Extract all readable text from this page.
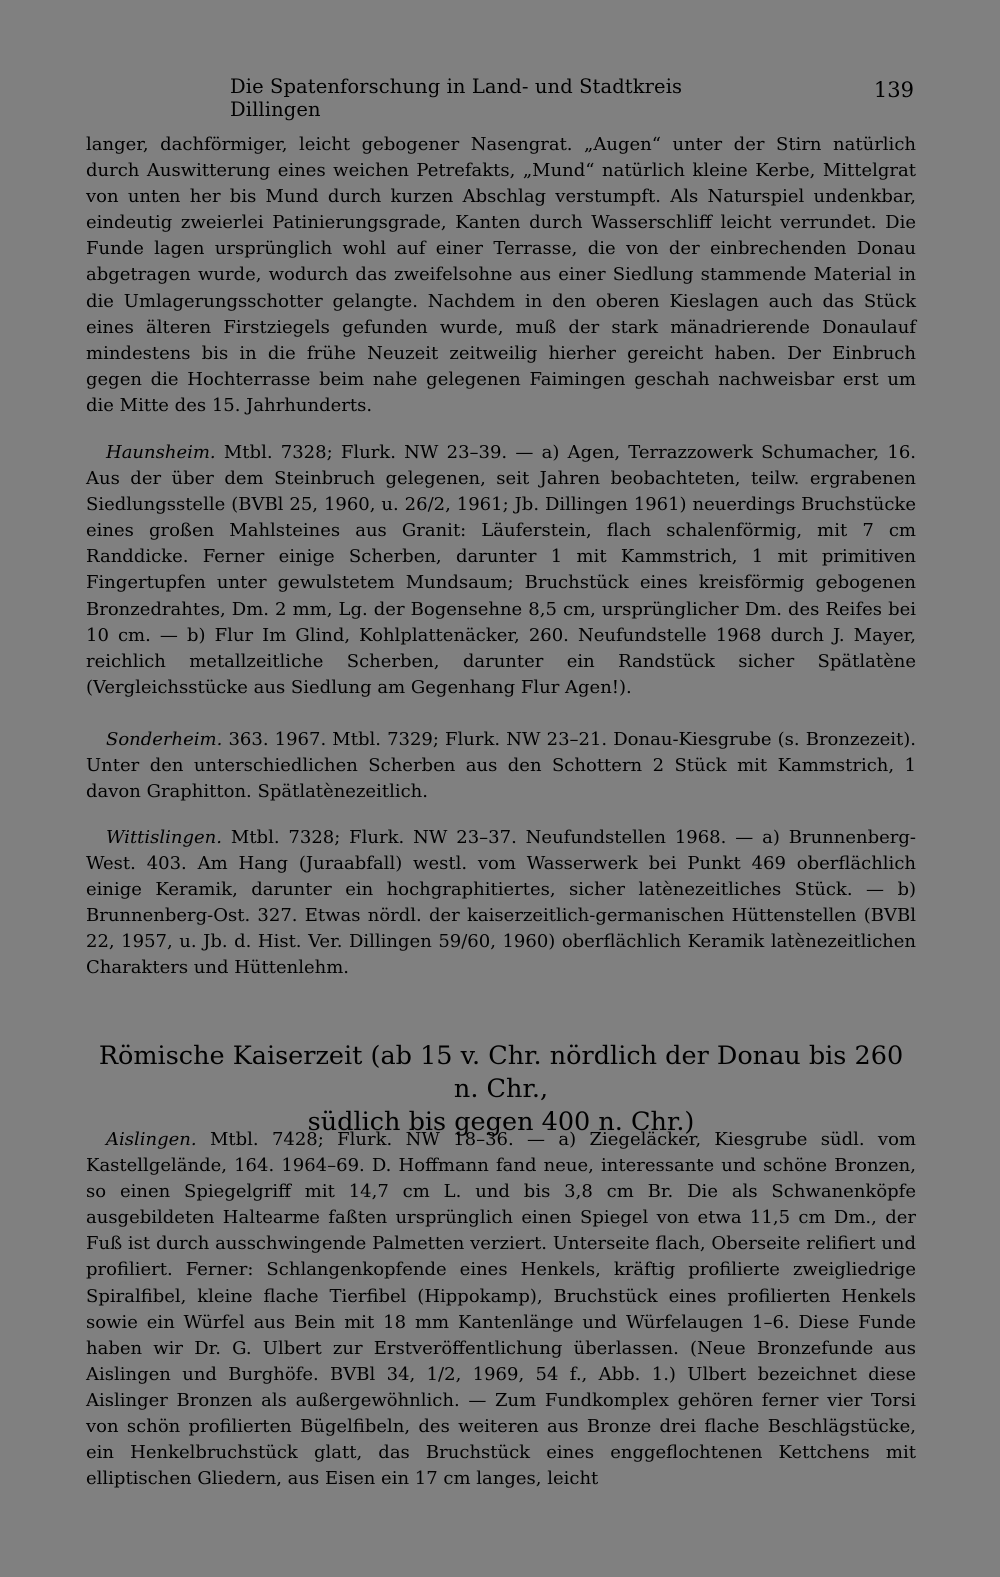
Die Spatenforschung in Land- und Stadtkreis Dillingen
139

langer, dachförmiger, leicht gebogener Nasengrat. „Augen“ unter der Stirn natürlich durch Auswitterung eines weichen Petrefakts, „Mund“ natürlich kleine Kerbe, Mittelgrat von unten her bis Mund durch kurzen Abschlag verstumpft. Als Naturspiel undenkbar, eindeutig zweierlei Patinierungsgrade, Kanten durch Wasserschliff leicht verrundet. Die Funde lagen ursprünglich wohl auf einer Terrasse, die von der einbrechenden Donau abgetragen wurde, wodurch das zweifelsohne aus einer Siedlung stammende Material in die Umlagerungsschotter gelangte. Nachdem in den oberen Kieslagen auch das Stück eines älteren Firstziegels gefunden wurde, muß der stark mänadrierende Donaulauf mindestens bis in die frühe Neuzeit zeitweilig hierher gereicht haben. Der Einbruch gegen die Hochterrasse beim nahe gelegenen Faimingen geschah nachweisbar erst um die Mitte des 15. Jahrhunderts.

Haunsheim. Mtbl. 7328; Flurk. NW 23–39. — a) Agen, Terrazzowerk Schumacher, 16. Aus der über dem Steinbruch gelegenen, seit Jahren beobachteten, teilw. ergrabenen Siedlungsstelle (BVBl 25, 1960, u. 26/2, 1961; Jb. Dillingen 1961) neuerdings Bruchstücke eines großen Mahlsteines aus Granit: Läuferstein, flach schalenförmig, mit 7 cm Randdicke. Ferner einige Scherben, darunter 1 mit Kammstrich, 1 mit primitiven Fingertupfen unter gewulstetem Mundsaum; Bruchstück eines kreisförmig gebogenen Bronzedrahtes, Dm. 2 mm, Lg. der Bogensehne 8,5 cm, ursprünglicher Dm. des Reifes bei 10 cm. — b) Flur Im Glind, Kohlplattenäcker, 260. Neufundstelle 1968 durch J. Mayer, reichlich metallzeitliche Scherben, darunter ein Randstück sicher Spätlatène (Vergleichsstücke aus Siedlung am Gegenhang Flur Agen!).

Sonderheim. 363. 1967. Mtbl. 7329; Flurk. NW 23–21. Donau-Kiesgrube (s. Bronzezeit). Unter den unterschiedlichen Scherben aus den Schottern 2 Stück mit Kammstrich, 1 davon Graphitton. Spätlatènezeitlich.

Wittislingen. Mtbl. 7328; Flurk. NW 23–37. Neufundstellen 1968. — a) Brunnenberg-West. 403. Am Hang (Juraabfall) westl. vom Wasserwerk bei Punkt 469 oberflächlich einige Keramik, darunter ein hochgraphitiertes, sicher latènezeitliches Stück. — b) Brunnenberg-Ost. 327. Etwas nördl. der kaiserzeitlich-germanischen Hüttenstellen (BVBl 22, 1957, u. Jb. d. Hist. Ver. Dillingen 59/60, 1960) oberflächlich Keramik latènezeitlichen Charakters und Hüttenlehm.

Römische Kaiserzeit (ab 15 v. Chr. nördlich der Donau bis 260 n. Chr.,
südlich bis gegen 400 n. Chr.)

Aislingen. Mtbl. 7428; Flurk. NW 18–36. — a) Ziegeläcker, Kiesgrube südl. vom Kastellgelände, 164. 1964–69. D. Hoffmann fand neue, interessante und schöne Bronzen, so einen Spiegelgriff mit 14,7 cm L. und bis 3,8 cm Br. Die als Schwanenköpfe ausgebildeten Haltearme faßten ursprünglich einen Spiegel von etwa 11,5 cm Dm., der Fuß ist durch ausschwingende Palmetten verziert. Unterseite flach, Oberseite relifiert und profiliert. Ferner: Schlangenkopfende eines Henkels, kräftig profilierte zweigliedrige Spiralfibel, kleine flache Tierfibel (Hippokamp), Bruchstück eines profilierten Henkels sowie ein Würfel aus Bein mit 18 mm Kantenlänge und Würfelaugen 1–6. Diese Funde haben wir Dr. G. Ulbert zur Erstveröffentlichung überlassen. (Neue Bronzefunde aus Aislingen und Burghöfe. BVBl 34, 1/2, 1969, 54 f., Abb. 1.) Ulbert bezeichnet diese Aislinger Bronzen als außergewöhnlich. — Zum Fundkomplex gehören ferner vier Torsi von schön profilierten Bügelfibeln, des weiteren aus Bronze drei flache Beschlägstücke, ein Henkelbruchstück glatt, das Bruchstück eines enggeflochtenen Kettchens mit elliptischen Gliedern, aus Eisen ein 17 cm langes, leicht
